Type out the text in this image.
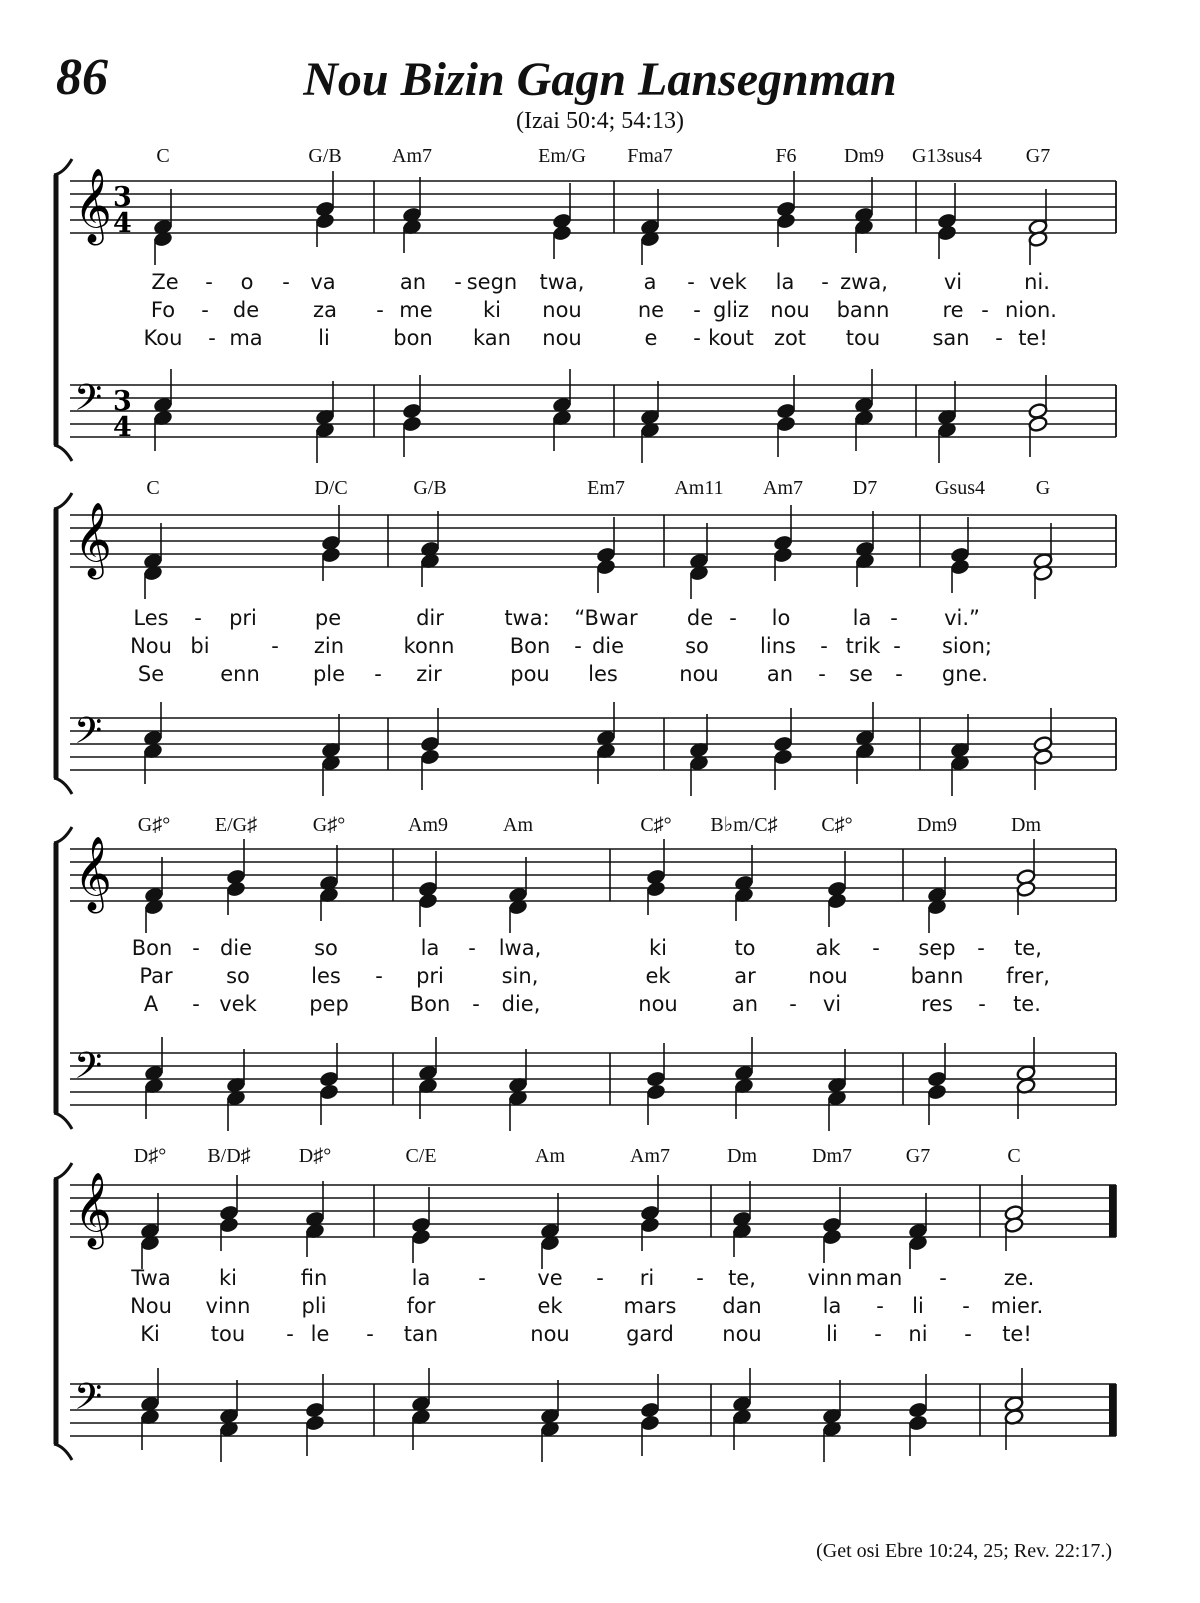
86	Nou Bizin Gagn Lansegnman
(Izai 50:4; 54:13)
𝄞
𝄢
3
4
3
4
C	G/B	Am7	Em/G Fma7	F6 Dm9 G13sus4 G7
Ze - o - va	an - segn twa,	a - vek la - zwa,	vi	ni.
Fo - de	za - me ki nou	ne - gliz nou bann	re - nion.
Kou - ma	li	bon kan nou	e - kout zot tou san - te!
𝄞
𝄢
C	D/C	G/B	Em7 Am11 Am7 D7	Gsus4	G
Les - pri	pe	dir	twa: “Bwar de - lo	la - vi.”
Nou bi	- zin	konn	Bon - die	so lins - trik - sion;
Se	enn	ple - zir	pou les	nou an - se - gne.
𝄞
𝄢
G♯° E/G♯	G♯°	Am9	Am	C♯° B♭m/C♯ C♯°	Dm9	Dm
Bon - die	so	la - lwa,	ki	to	ak - sep - te,
Par	so	les - pri	sin,	ek	ar	nou	bann frer,
A - vek pep	Bon - die,	nou	an - vi	res - te.
𝄞
𝄢
D♯° B/D♯ D♯°	C/E	Am	Am7	Dm	Dm7	G7	C
Twa ki	fin	la - ve - ri - te, vinn man -	ze.
Nou vinn pli	for	ek	mars dan	la - li - mier.
Ki tou - le - tan	nou	gard nou	li - ni - te!
(Get osi Ebre 10:24, 25; Rev. 22:17.)
